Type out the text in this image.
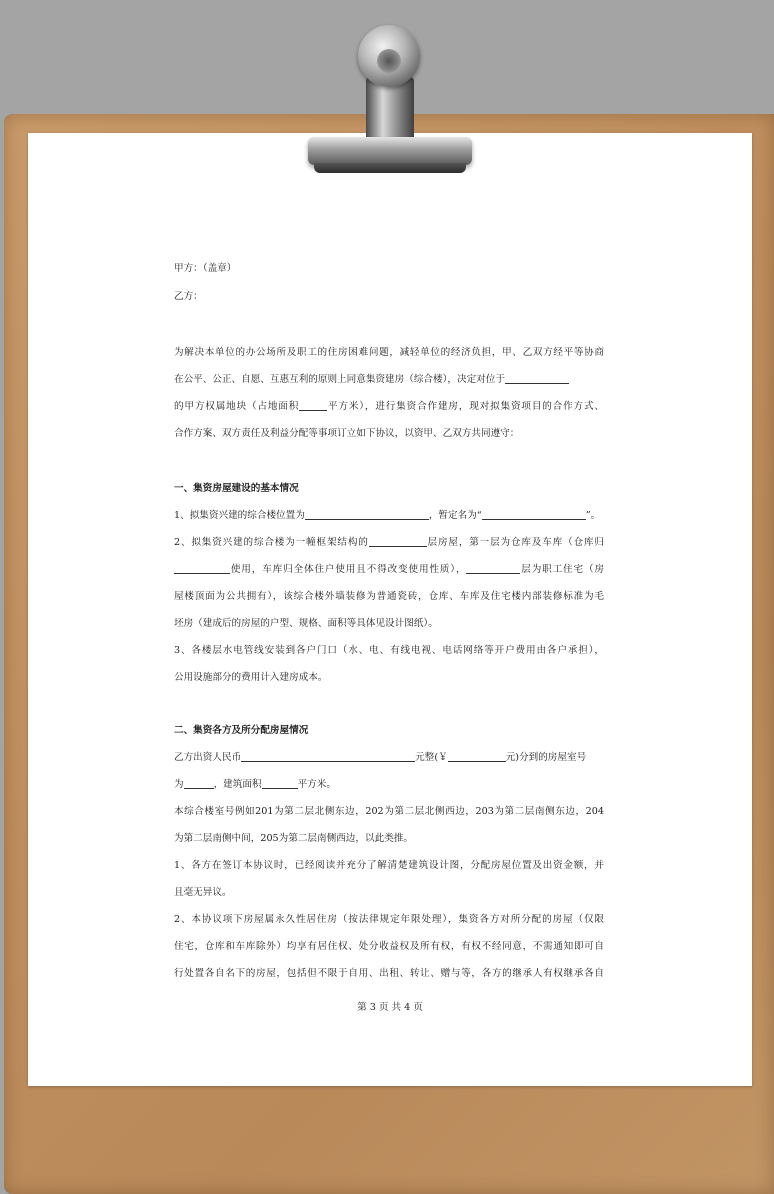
甲方：（盖章）
乙方：
为解决本单位的办公场所及职工的住房困难问题，减轻单位的经济负担，甲、乙双方经平等协商
在公平、公正、自愿、互惠互利的原则上同意集资建房（综合楼），决定对位于
的甲方权属地块（占地面积	平方米），进行集资合作建房，现对拟集资项目的合作方式、
合作方案、双方责任及利益分配等事项订立如下协议，以资甲、乙双方共同遵守：
一、集资房屋建设的基本情况
1、拟集资兴建的综合楼位置为	，暂定名为“	”。
2、拟集资兴建的综合楼为一幢框架结构的	层房屋，第一层为仓库及车库（仓库归
使用，车库归全体住户使用且不得改变使用性质），	层为职工住宅（房
屋楼顶面为公共拥有），该综合楼外墙装修为普通瓷砖，仓库、车库及住宅楼内部装修标准为毛
坯房（建成后的房屋的户型、规格、面积等具体见设计图纸）。
3、各楼层水电管线安装到各户门口（水、电、有线电视、电话网络等开户费用由各户承担），
公用设施部分的费用计入建房成本。
二、集资各方及所分配房屋情况
乙方出资人民币	元整(￥	元)分到的房屋室号
为	，建筑面积	平方米。
本综合楼室号例如201为第二层北侧东边，202为第二层北侧西边，203为第二层南侧东边，204
为第二层南侧中间，205为第二层南侧西边，以此类推。
1、各方在签订本协议时，已经阅读并充分了解清楚建筑设计图，分配房屋位置及出资金额，并
且毫无异议。
2、本协议项下房屋属永久性居住房（按法律规定年限处理），集资各方对所分配的房屋（仅限
住宅，仓库和车库除外）均享有居住权、处分收益权及所有权，有权不经同意，不需通知即可自
行处置各自名下的房屋，包括但不限于自用、出租、转让、赠与等，各方的继承人有权继承各自
第 3 页 共 4 页
